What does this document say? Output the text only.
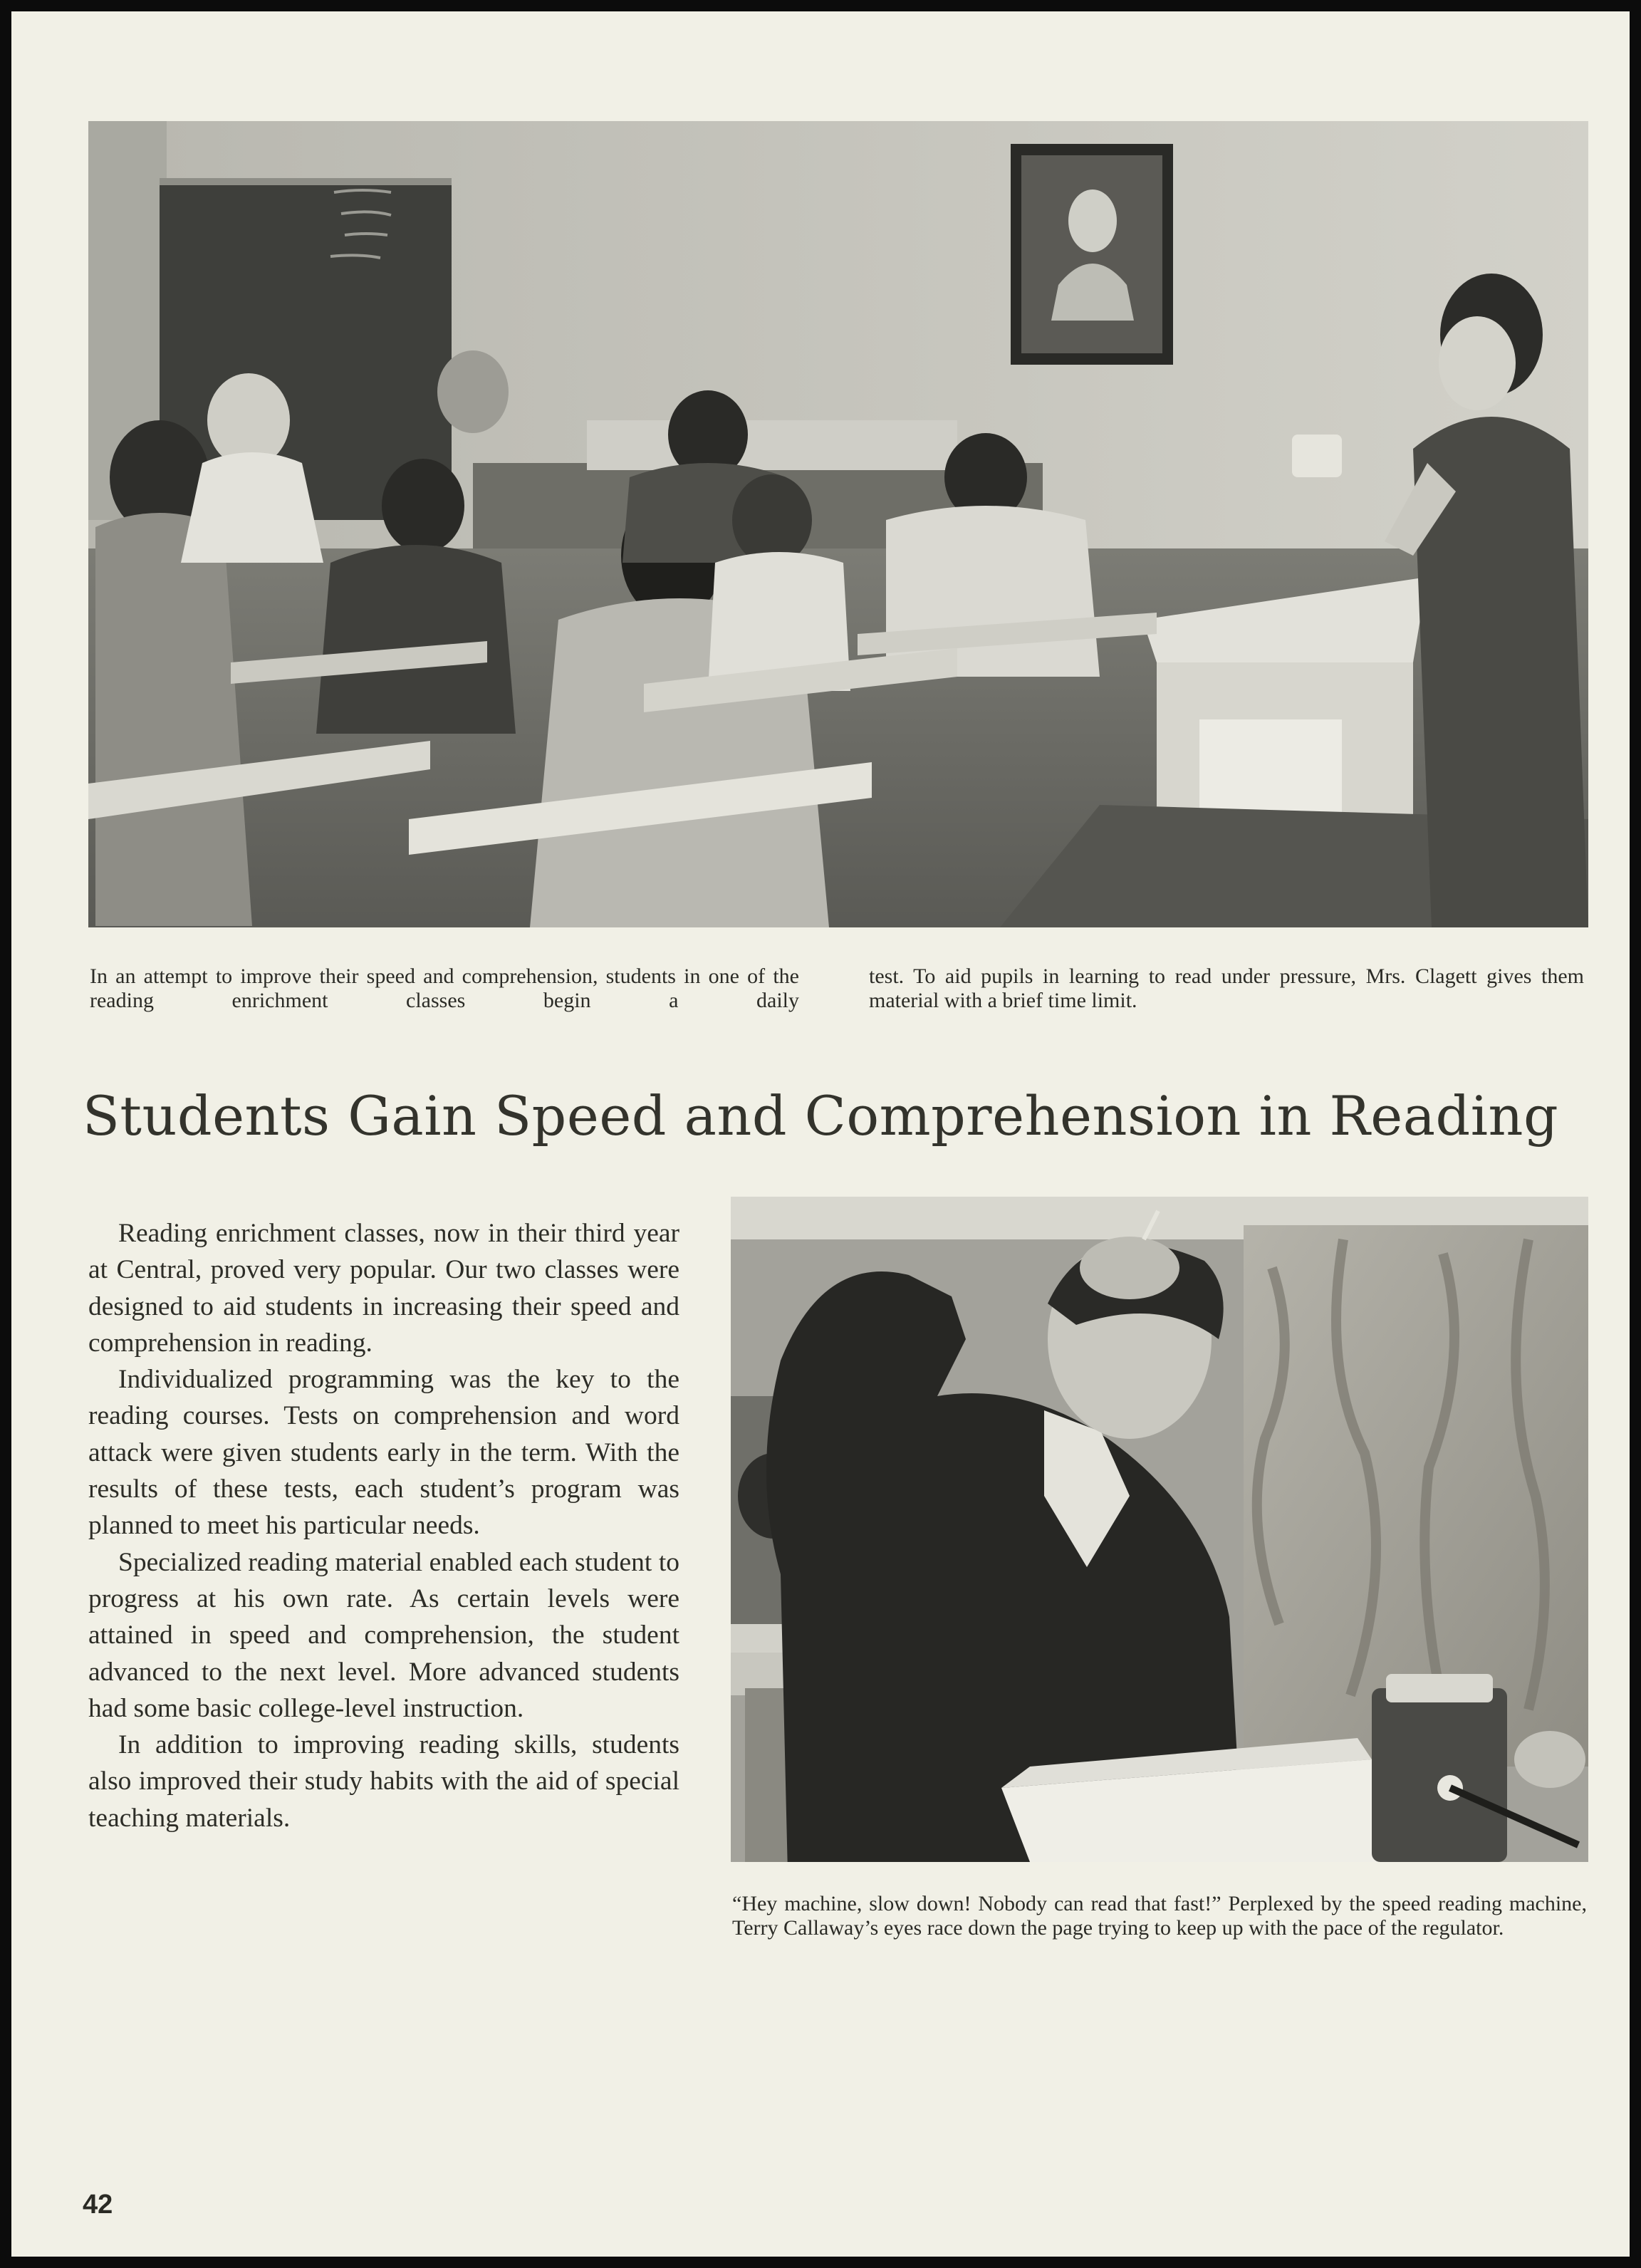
In an attempt to improve their speed and comprehension, students in one of the reading enrichment classes begin a daily
test. To aid pupils in learning to read under pressure, Mrs. Clagett gives them material with a brief time limit.
Students Gain Speed and Comprehension in Reading

Reading enrichment classes, now in their third year at Central, proved very popular. Our two classes were designed to aid students in increasing their speed and comprehension in reading.

Individualized programming was the key to the reading courses. Tests on comprehension and word attack were given students early in the term. With the results of these tests, each student’s program was planned to meet his particular needs.

Specialized reading material enabled each student to progress at his own rate. As certain levels were attained in speed and comprehension, the student advanced to the next level. More advanced students had some basic college-level instruction.

In addition to improving reading skills, students also improved their study habits with the aid of special teaching materials.

“Hey machine, slow down! Nobody can read that fast!” Perplexed by the speed reading machine, Terry Callaway’s eyes race down the page trying to keep up with the pace of the regulator.
42
